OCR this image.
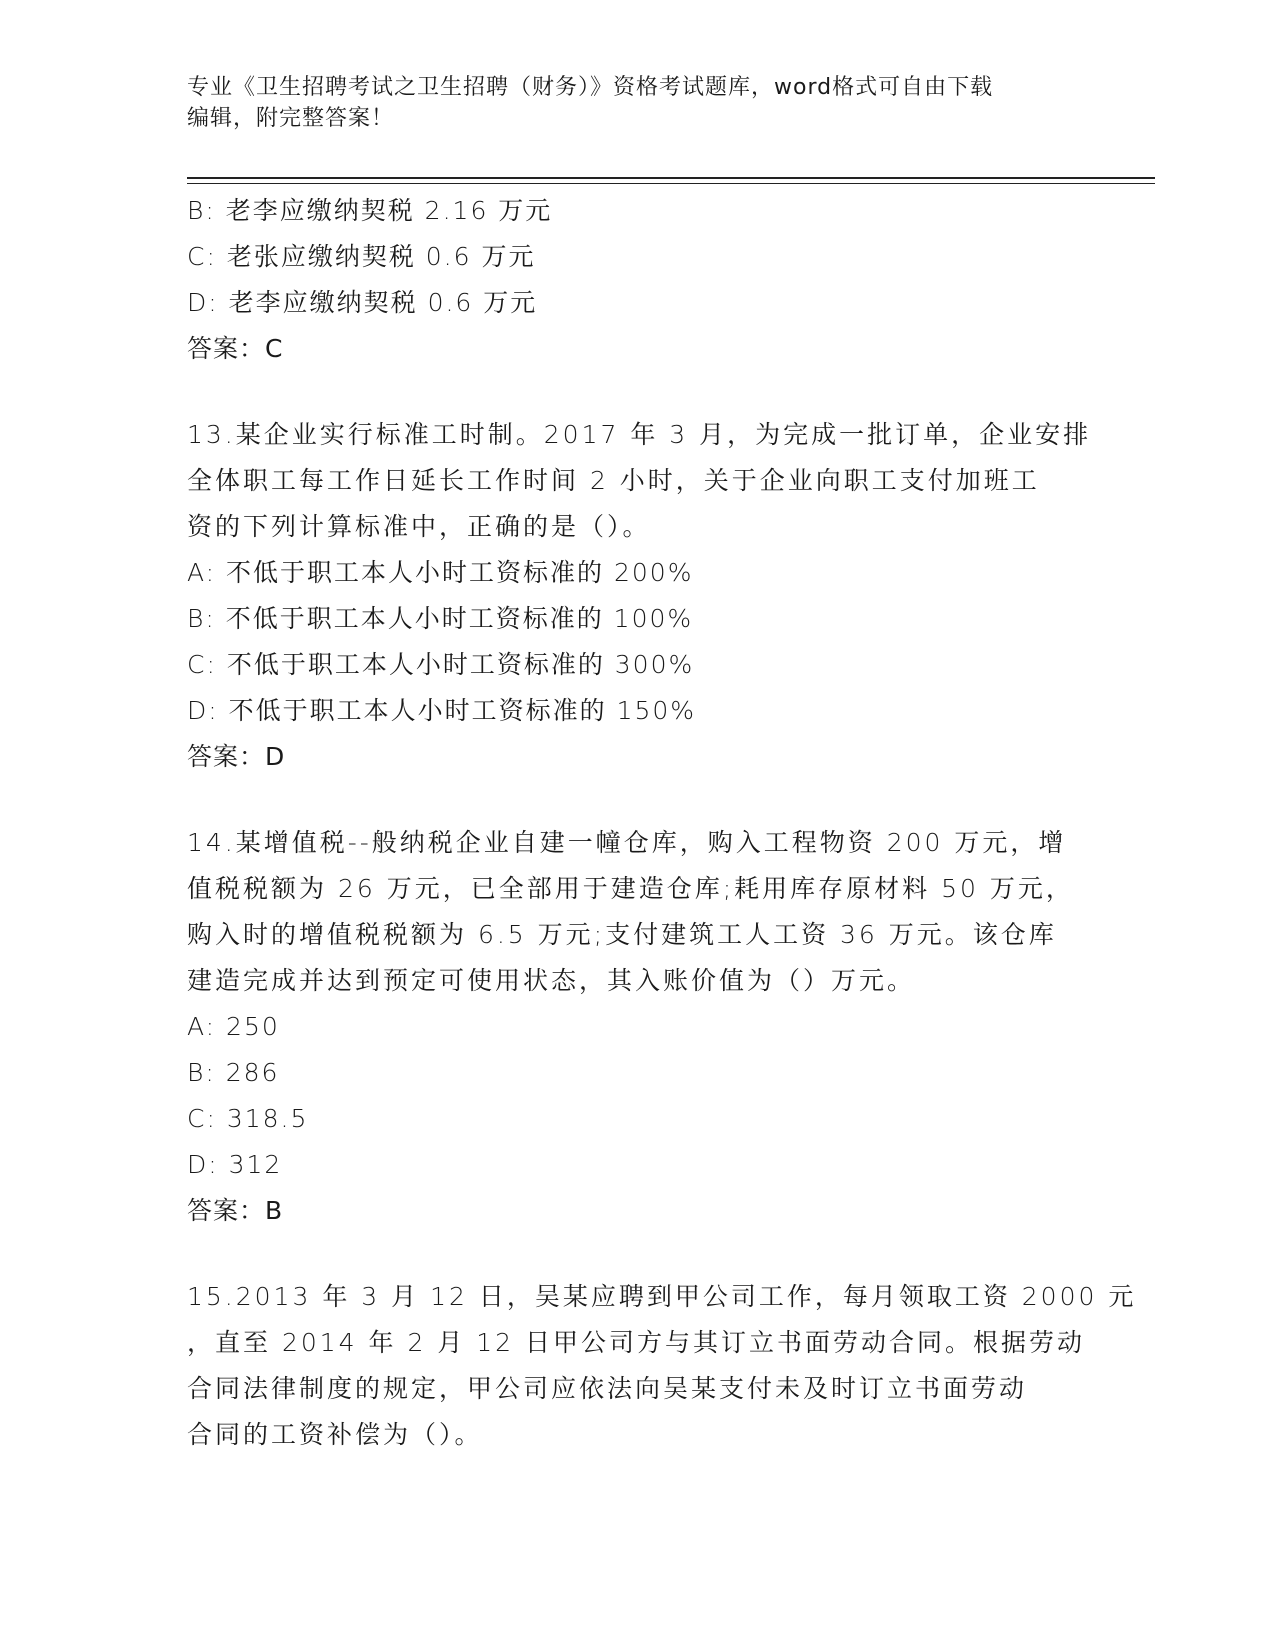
专业《卫生招聘考试之卫生招聘（财务）》资格考试题库，word格式可自由下载
编辑，附完整答案！
B: 老李应缴纳契税 2.16 万元
C: 老张应缴纳契税 0.6 万元
D: 老李应缴纳契税 0.6 万元
答案：C
13.某企业实行标准工时制。2017 年 3 月，为完成一批订单，企业安排
全体职工每工作日延长工作时间 2 小时，关于企业向职工支付加班工
资的下列计算标准中，正确的是（）。
A: 不低于职工本人小时工资标准的 200%
B: 不低于职工本人小时工资标准的 100%
C: 不低于职工本人小时工资标准的 300%
D: 不低于职工本人小时工资标准的 150%
答案：D
14.某增值税--般纳税企业自建一幢仓库，购入工程物资 200 万元，增
值税税额为 26 万元，已全部用于建造仓库;耗用库存原材料 50 万元，
购入时的增值税税额为 6.5 万元;支付建筑工人工资 36 万元。该仓库
建造完成并达到预定可使用状态，其入账价值为（）万元。
A: 250
B: 286
C: 318.5
D: 312
答案：B
15.2013 年 3 月 12 日，吴某应聘到甲公司工作，每月领取工资 2000 元
，直至 2014 年 2 月 12 日甲公司方与其订立书面劳动合同。根据劳动
合同法律制度的规定，甲公司应依法向吴某支付未及时订立书面劳动
合同的工资补偿为（）。
